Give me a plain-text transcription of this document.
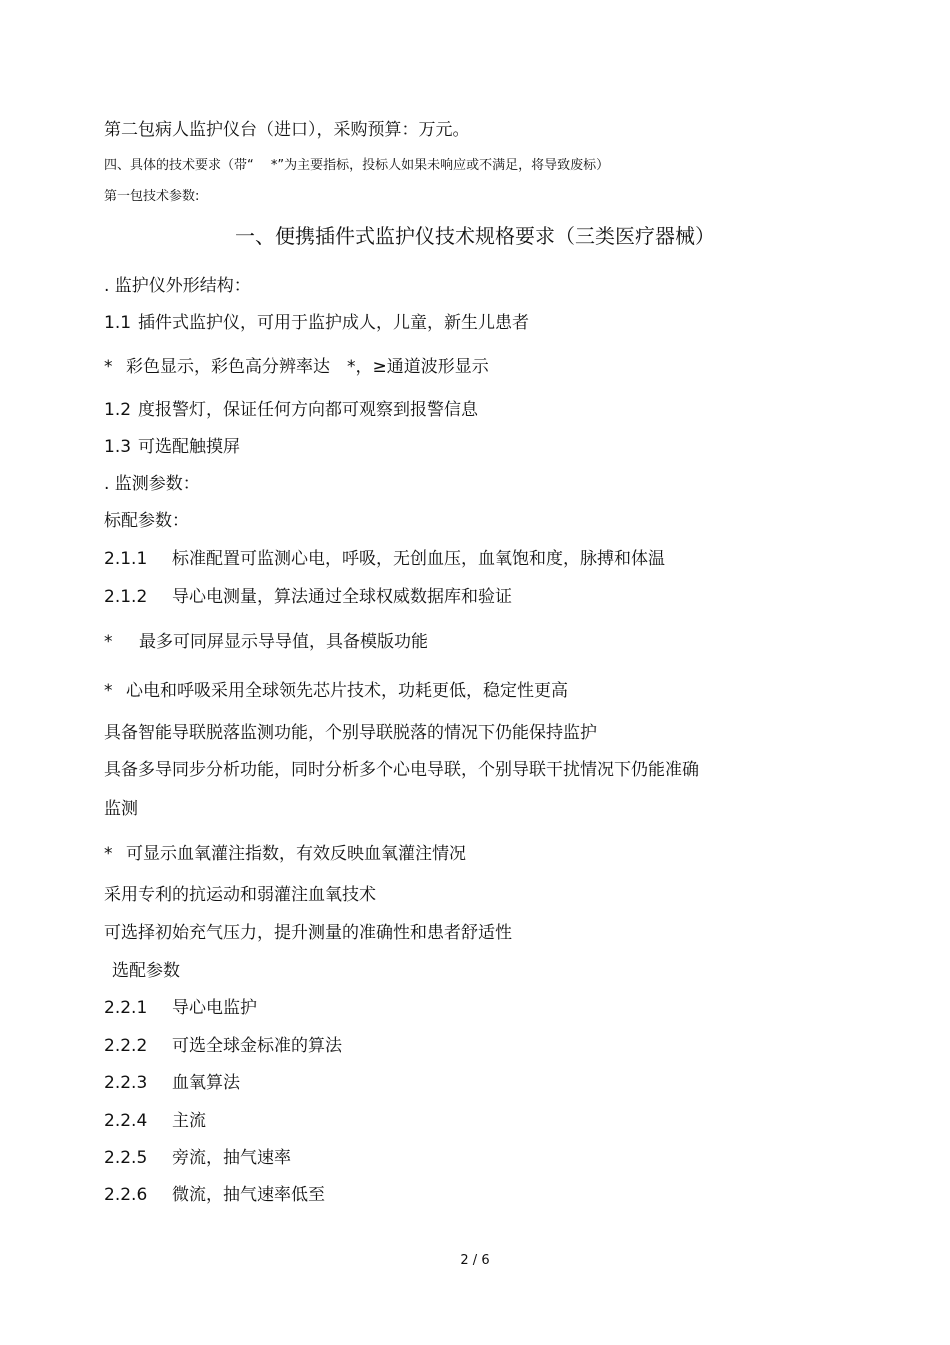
第二包病人监护仪台（进口），采购预算：万元。
四、具体的技术要求（带“　 *”为主要指标，投标人如果未响应或不满足，将导致废标）
第一包技术参数:
一、便携插件式监护仪技术规格要求（三类医疗器械）
. 监护仪外形结构：
1.1 插件式监护仪，可用于监护成人，儿童，新生儿患者
* 彩色显示，彩色高分辨率达　*，≥通道波形显示
1.2 度报警灯，保证任何方向都可观察到报警信息
1.3 可选配触摸屏
. 监测参数：
标配参数：
2.1.1 标准配置可监测心电，呼吸，无创血压，血氧饱和度，脉搏和体温
2.1.2 导心电测量，算法通过全球权威数据库和验证
* 最多可同屏显示导导值，具备模版功能
* 心电和呼吸采用全球领先芯片技术，功耗更低，稳定性更高
具备智能导联脱落监测功能，个别导联脱落的情况下仍能保持监护
具备多导同步分析功能，同时分析多个心电导联，个别导联干扰情况下仍能准确
监测
* 可显示血氧灌注指数，有效反映血氧灌注情况
采用专利的抗运动和弱灌注血氧技术
可选择初始充气压力，提升测量的准确性和患者舒适性
选配参数
2.2.1 导心电监护
2.2.2 可选全球金标准的算法
2.2.3 血氧算法
2.2.4 主流
2.2.5 旁流，抽气速率
2.2.6 微流，抽气速率低至
2 / 6
